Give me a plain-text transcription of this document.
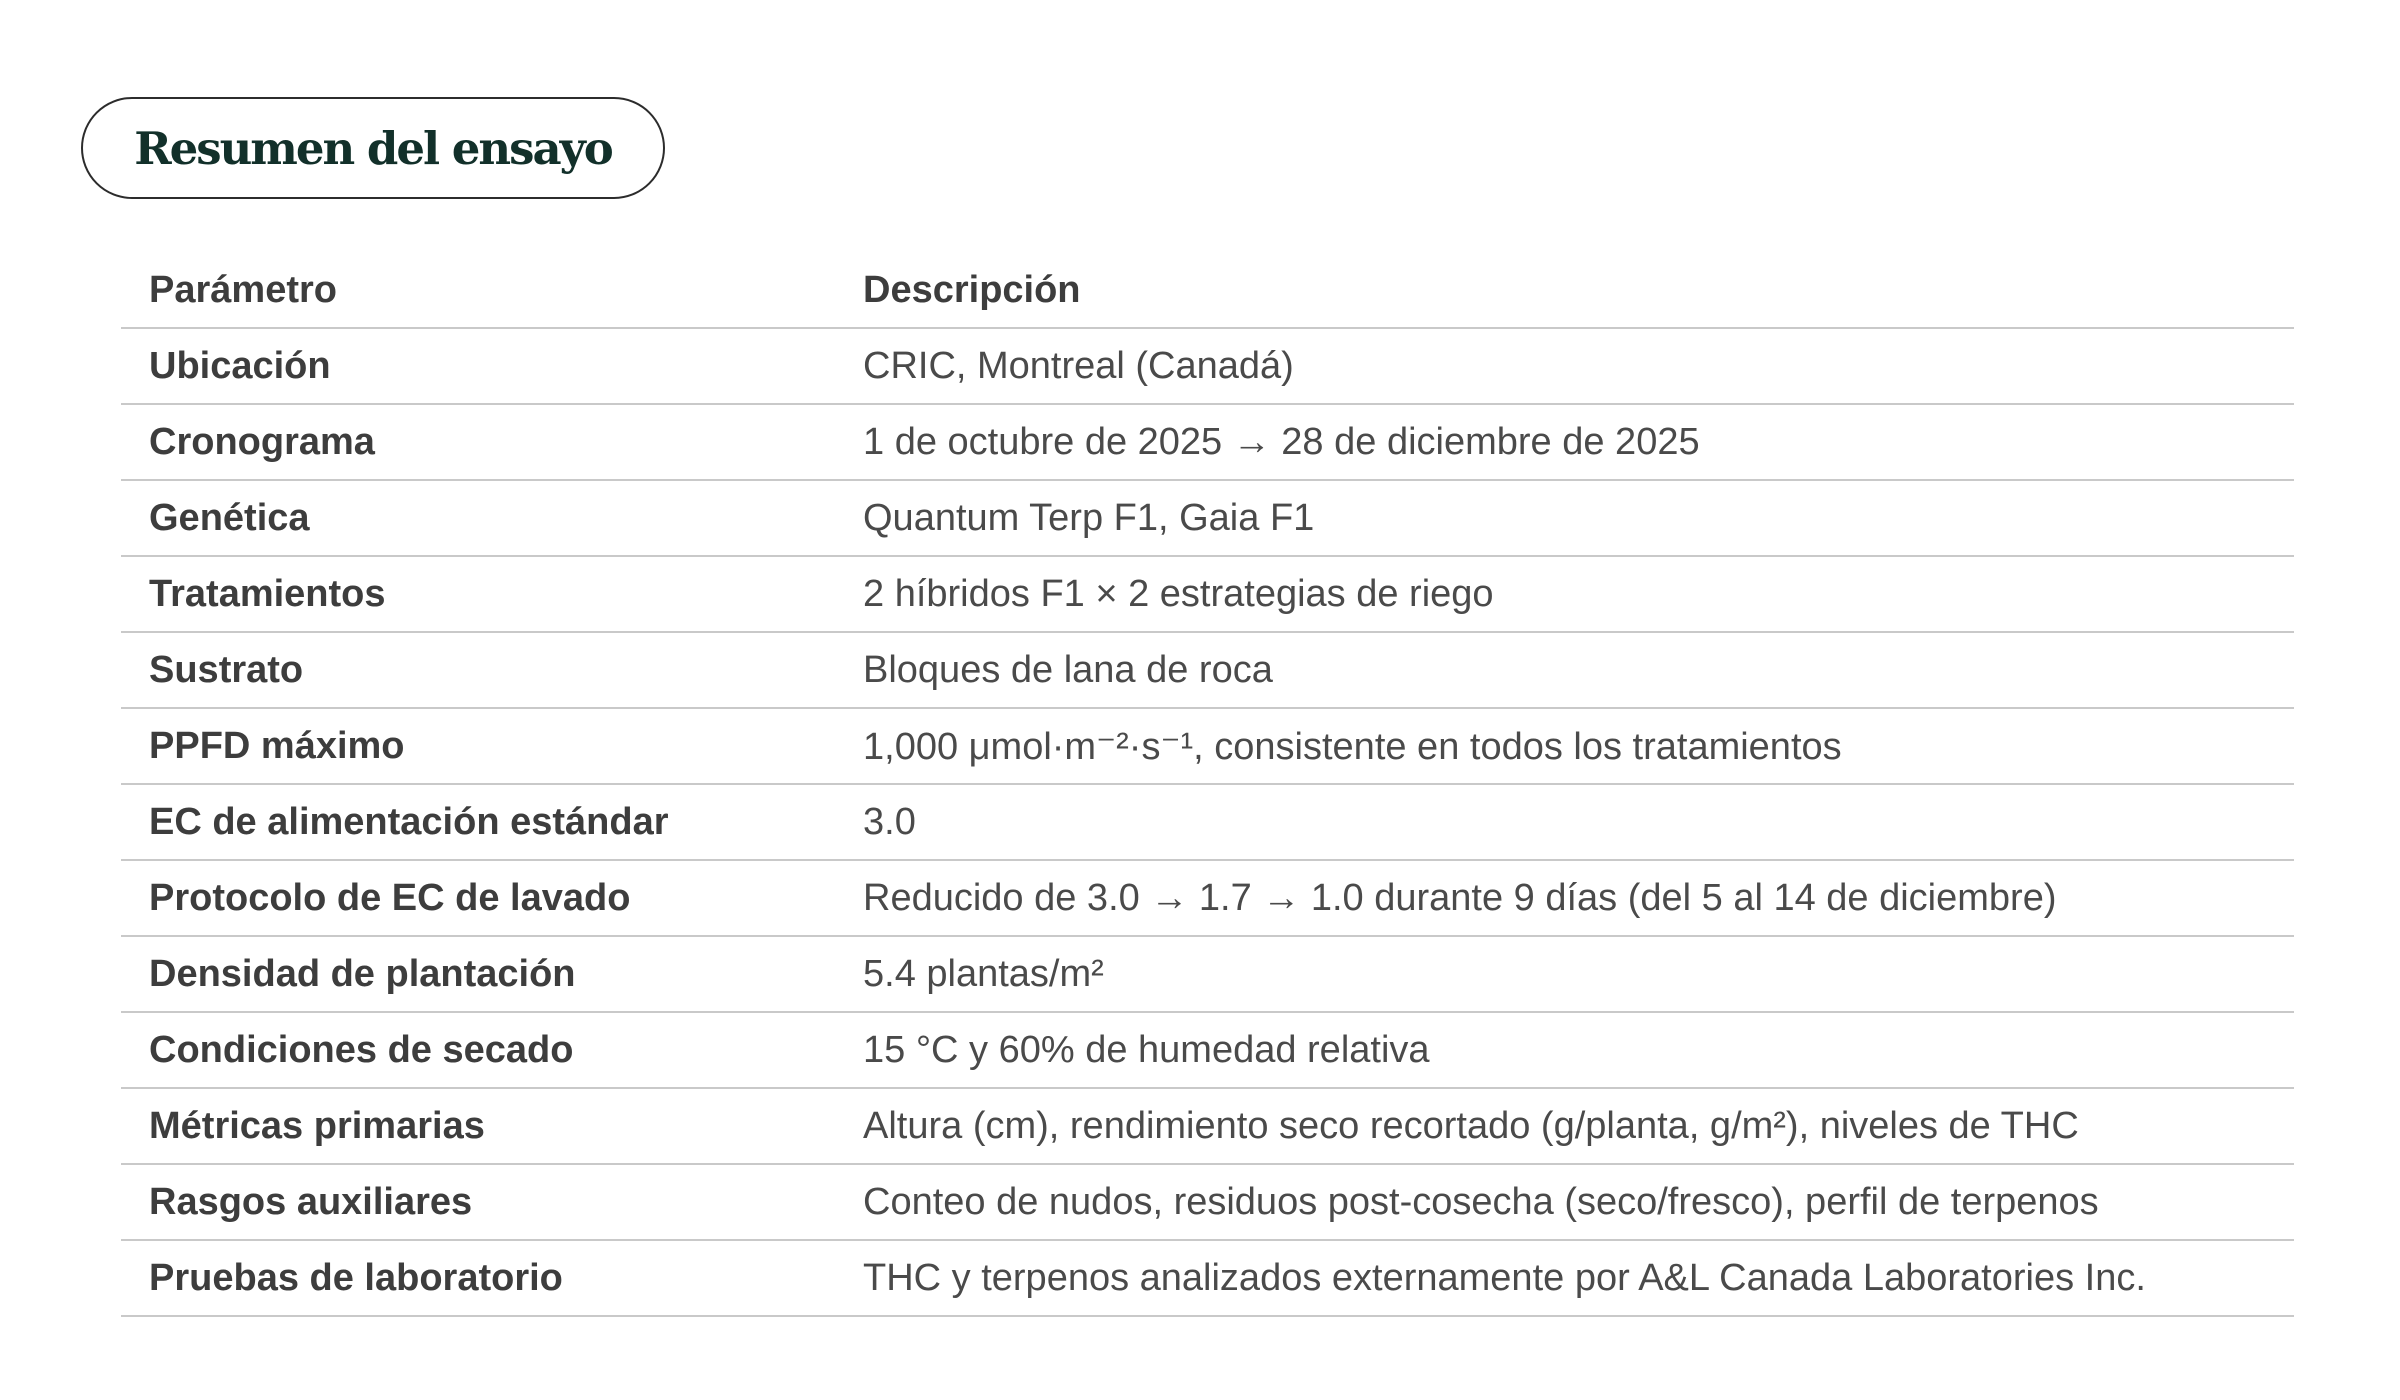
Resumen del ensayo
Parámetro	Descripción
Ubicación	CRIC, Montreal (Canadá)
Cronograma	1 de octubre de 2025 → 28 de diciembre de 2025
Genética	Quantum Terp F1, Gaia F1
Tratamientos	2 híbridos F1 × 2 estrategias de riego
Sustrato	Bloques de lana de roca
PPFD máximo	1,000 μmol·m⁻²·s⁻¹, consistente en todos los tratamientos
EC de alimentación estándar	3.0
Protocolo de EC de lavado	Reducido de 3.0 → 1.7 → 1.0 durante 9 días (del 5 al 14 de diciembre)
Densidad de plantación	5.4 plantas/m²
Condiciones de secado	15 °C y 60% de humedad relativa
Métricas primarias	Altura (cm), rendimiento seco recortado (g/planta, g/m²), niveles de THC
Rasgos auxiliares	Conteo de nudos, residuos post-cosecha (seco/fresco), perfil de terpenos
Pruebas de laboratorio	THC y terpenos analizados externamente por A&L Canada Laboratories Inc.
